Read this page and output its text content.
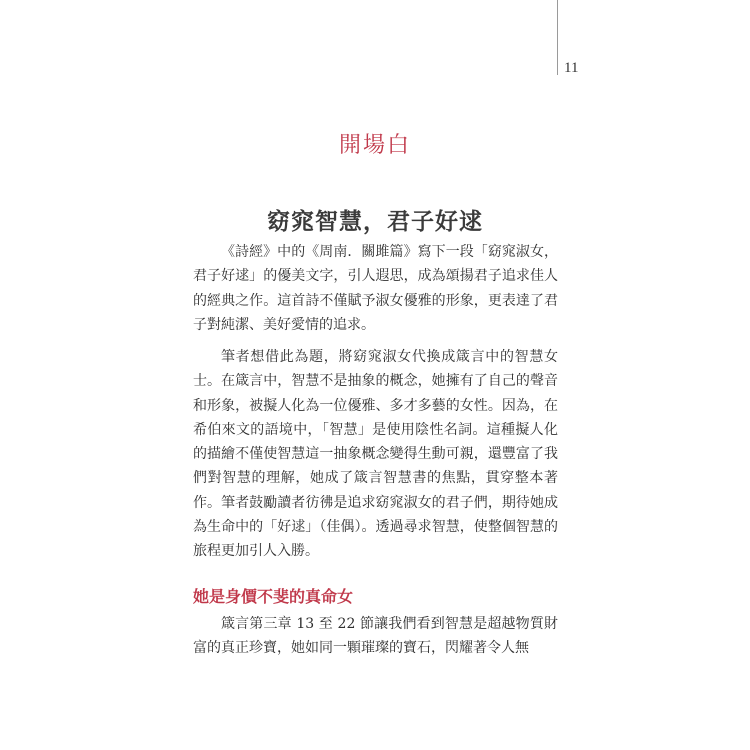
11
開場白
窈窕智慧，君子好逑

《詩經》中的《周南．關雎篇》寫下一段「窈窕淑女，君子好逑」的優美文字，引人遐思，成為頌揚君子追求佳人的經典之作。這首詩不僅賦予淑女優雅的形象，更表達了君子對純潔、美好愛情的追求。

筆者想借此為題，將窈窕淑女代換成箴言中的智慧女士。在箴言中，智慧不是抽象的概念，她擁有了自己的聲音和形象，被擬人化為一位優雅、多才多藝的女性。因為，在希伯來文的語境中，「智慧」是使用陰性名詞。這種擬人化的描繪不僅使智慧這一抽象概念變得生動可親，還豐富了我們對智慧的理解，她成了箴言智慧書的焦點，貫穿整本著作。筆者鼓勵讀者彷彿是追求窈窕淑女的君子們，期待她成為生命中的「好逑」（佳偶）。透過尋求智慧，使整個智慧的旅程更加引人入勝。

她是身價不斐的真命女

箴言第三章 13 至 22 節讓我們看到智慧是超越物質財富的真正珍寶，她如同一顆璀璨的寶石，閃耀著令人無
